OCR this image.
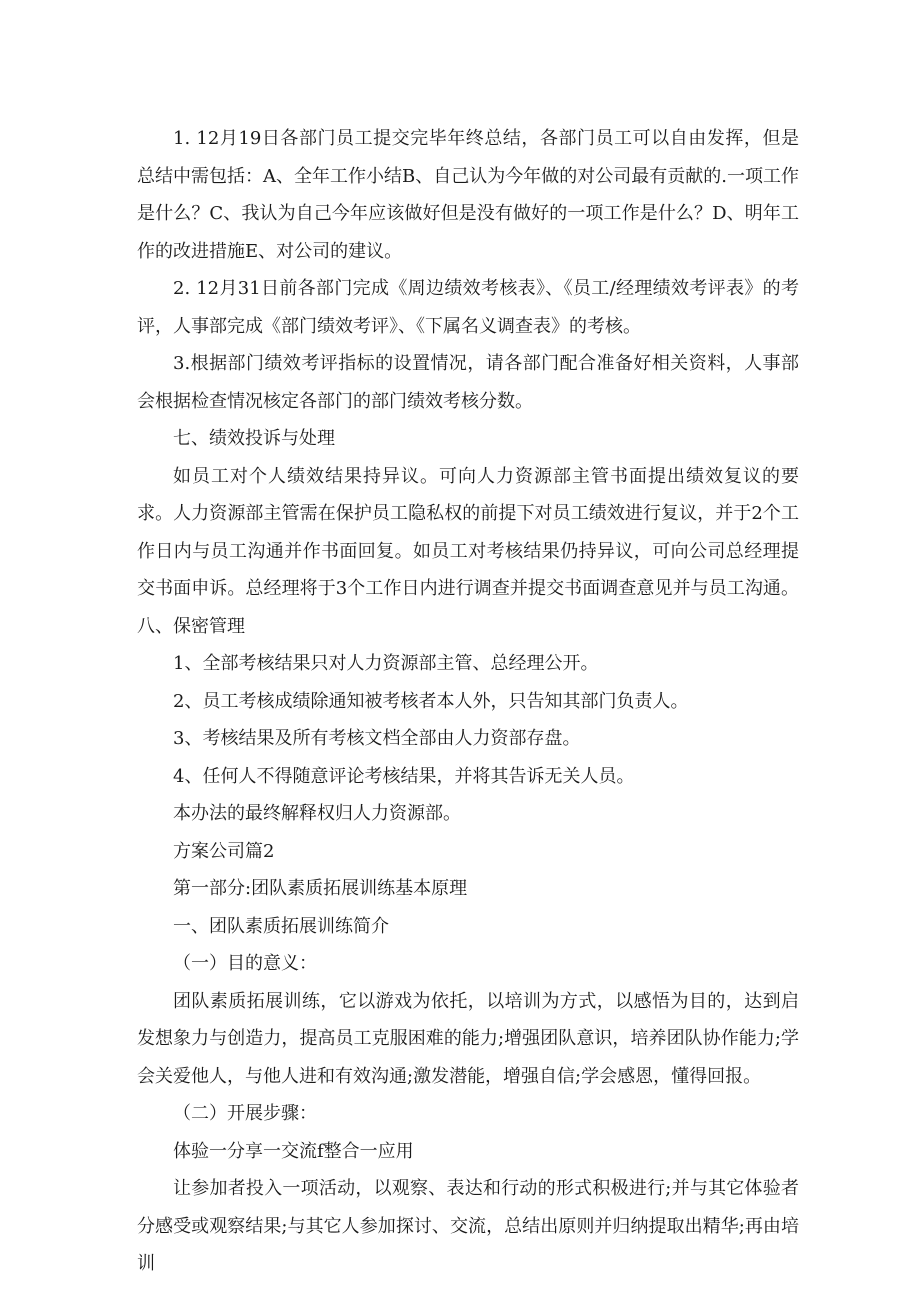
1. 12月19日各部门员工提交完毕年终总结，各部门员工可以自由发挥，但是总结中需包括：A、全年工作小结B、自己认为今年做的对公司最有贡献的.一项工作是什么？C、我认为自己今年应该做好但是没有做好的一项工作是什么？D、明年工作的改进措施E、对公司的建议。

2. 12月31日前各部门完成《周边绩效考核表》、《员工/经理绩效考评表》的考评，人事部完成《部门绩效考评》、《下属名义调查表》的考核。

3.根据部门绩效考评指标的设置情况，请各部门配合准备好相关资料，人事部会根据检查情况核定各部门的部门绩效考核分数。

七、绩效投诉与处理

如员工对个人绩效结果持异议。可向人力资源部主管书面提出绩效复议的要求。人力资源部主管需在保护员工隐私权的前提下对员工绩效进行复议，并于2个工作日内与员工沟通并作书面回复。如员工对考核结果仍持异议，可向公司总经理提交书面申诉。总经理将于3个工作日内进行调查并提交书面调查意见并与员工沟通。八、保密管理

1、全部考核结果只对人力资源部主管、总经理公开。

2、员工考核成绩除通知被考核者本人外，只告知其部门负责人。

3、考核结果及所有考核文档全部由人力资部存盘。

4、任何人不得随意评论考核结果，并将其告诉无关人员。

本办法的最终解释权归人力资源部。

方案公司篇2

第一部分:团队素质拓展训练基本原理

一、团队素质拓展训练简介

（一）目的意义：

团队素质拓展训练，它以游戏为依托，以培训为方式，以感悟为目的，达到启发想象力与创造力，提高员工克服困难的能力;增强团队意识，培养团队协作能力;学会关爱他人，与他人进和有效沟通;激发潜能，增强自信;学会感恩，懂得回报。

（二）开展步骤：

体验一分享一交流f整合一应用

让参加者投入一项活动，以观察、表达和行动的形式积极进行;并与其它体验者分感受或观察结果;与其它人参加探讨、交流，总结出原则并归纳提取出精华;再由培训
